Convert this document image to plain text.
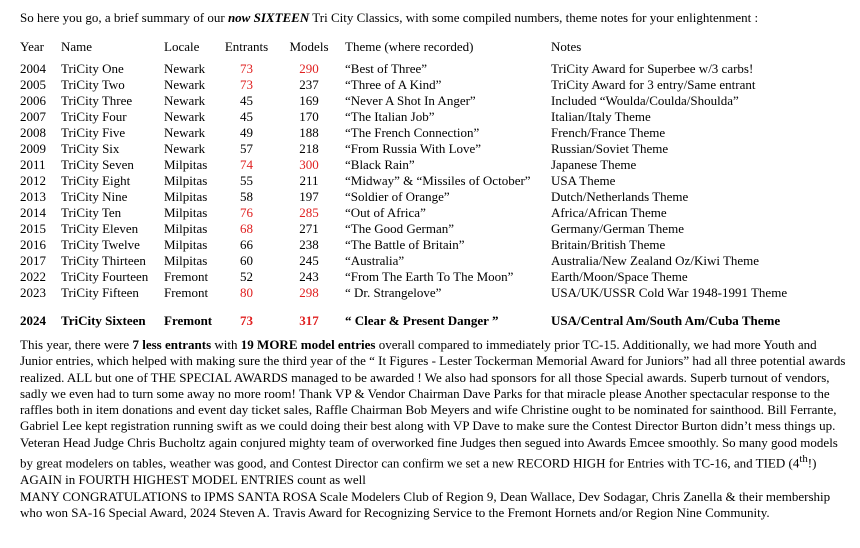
So here you go, a brief summary of our now SIXTEEN Tri City Classics, with some compiled numbers, theme notes for your enlightenment :
Year	Name	Locale	Entrants	Models	Theme (where recorded)	Notes
2004	TriCity One	Newark	73	290	“Best of Three”	TriCity Award for Superbee w/3 carbs!
2005	TriCity Two	Newark	73	237	“Three of A Kind”	TriCity Award for 3 entry/Same entrant
2006	TriCity Three	Newark	45	169	“Never A Shot In Anger”	Included “Woulda/Coulda/Shoulda”
2007	TriCity Four	Newark	45	170	“The Italian Job”	Italian/Italy Theme
2008	TriCity Five	Newark	49	188	“The French Connection”	French/France Theme
2009	TriCity Six	Newark	57	218	“From Russia With Love”	Russian/Soviet Theme
2011	TriCity Seven	Milpitas	74	300	“Black Rain”	Japanese Theme
2012	TriCity Eight	Milpitas	55	211	“Midway” & “Missiles of October”	USA Theme
2013	TriCity Nine	Milpitas	58	197	“Soldier of Orange”	Dutch/Netherlands Theme
2014	TriCity Ten	Milpitas	76	285	“Out of Africa”	Africa/African Theme
2015	TriCity Eleven	Milpitas	68	271	“The Good German”	Germany/German Theme
2016	TriCity Twelve	Milpitas	66	238	“The Battle of Britain”	Britain/British Theme
2017	TriCity Thirteen	Milpitas	60	245	“Australia”	Australia/New Zealand Oz/Kiwi Theme
2022	TriCity Fourteen	Fremont	52	243	“From The Earth To The Moon”	Earth/Moon/Space Theme
2023	TriCity Fifteen	Fremont	80	298	“ Dr. Strangelove”	USA/UK/USSR Cold War 1948-1991 Theme

2024	TriCity Sixteen	Fremont	73	317	“ Clear & Present Danger ”	USA/Central Am/South Am/Cuba Theme
This year, there were 7 less entrants with 19 MORE model entries overall compared to immediately prior TC-15. Additionally, we had more Youth and Junior entries, which helped with making sure the third year of the “ It Figures - Lester Tockerman Memorial Award for Juniors” had all three potential awards realized. ALL but one of THE SPECIAL AWARDS managed to be awarded ! We also had sponsors for all those Special awards. Superb turnout of vendors, sadly we even had to turn some away no more room! Thank VP & Vendor Chairman Dave Parks for that miracle please Another spectacular response to the raffles both in item donations and event day ticket sales, Raffle Chairman Bob Meyers and wife Christine ought to be nominated for sainthood. Bill Ferrante, Gabriel Lee kept registration running swift as we could doing their best along with VP Dave to make sure the Contest Director Burton didn’t mess things up. Veteran Head Judge Chris Bucholtz again conjured mighty team of overworked fine Judges then segued into Awards Emcee smoothly. So many good models by great modelers on tables, weather was good, and Contest Director can confirm we set a new RECORD HIGH for Entries with TC-16, and TIED (4th!) AGAIN in FOURTH HIGHEST MODEL ENTRIES count as well
MANY CONGRATULATIONS to IPMS SANTA ROSA Scale Modelers Club of Region 9, Dean Wallace, Dev Sodagar, Chris Zanella & their membership who won SA-16 Special Award, 2024 Steven A. Travis Award for Recognizing Service to the Fremont Hornets and/or Region Nine Community.
